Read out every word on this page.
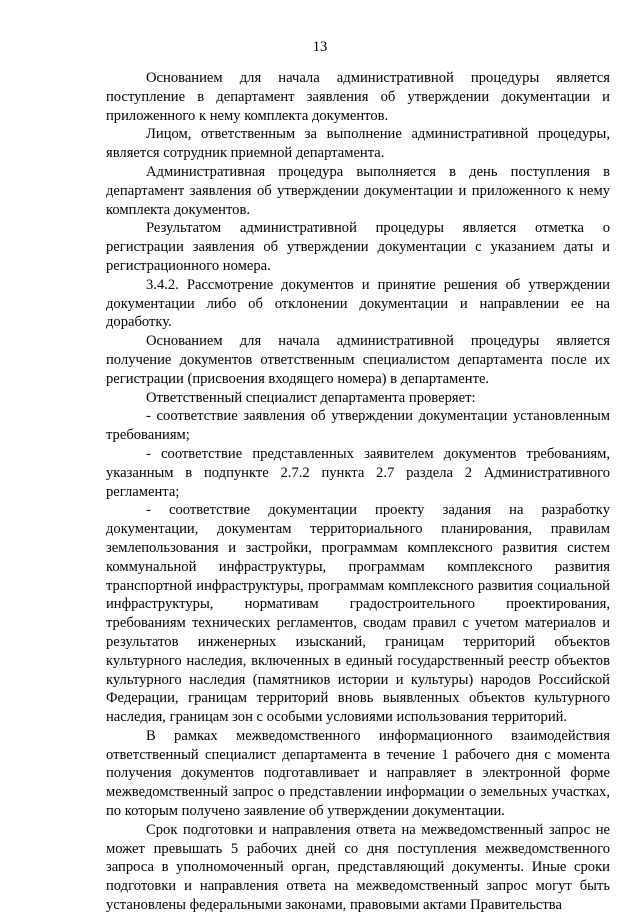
13

Основанием для начала административной процедуры является поступление в департамент заявления об утверждении документации и приложенного к нему комплекта документов.

Лицом, ответственным за выполнение административной процедуры, является сотрудник приемной департамента.

Административная процедура выполняется в день поступления в департамент заявления об утверждении документации и приложенного к нему комплекта документов.

Результатом административной процедуры является отметка о регистрации заявления об утверждении документации с указанием даты и регистрационного номера.

3.4.2. Рассмотрение документов и принятие решения об утверждении документации либо об отклонении документации и направлении ее на доработку.

Основанием для начала административной процедуры является получение документов ответственным специалистом департамента после их регистрации (присвоения входящего номера) в департаменте.

Ответственный специалист департамента проверяет:

- соответствие заявления об утверждении документации установленным требованиям;

- соответствие представленных заявителем документов требованиям, указанным в подпункте 2.7.2 пункта 2.7 раздела 2 Административного регламента;

- соответствие документации проекту задания на разработку документации, документам территориального планирования, правилам землепользования и застройки, программам комплексного развития систем коммунальной инфраструктуры, программам комплексного развития транспортной инфраструктуры, программам комплексного развития социальной инфраструктуры, нормативам градостроительного проектирования, требованиям технических регламентов, сводам правил с учетом материалов и результатов инженерных изысканий, границам территорий объектов культурного наследия, включенных в единый государственный реестр объектов культурного наследия (памятников истории и культуры) народов Российской Федерации, границам территорий вновь выявленных объектов культурного наследия, границам зон с особыми условиями использования территорий.

В рамках межведомственного информационного взаимодействия ответственный специалист департамента в течение 1 рабочего дня с момента получения документов подготавливает и направляет в электронной форме межведомственный запрос о представлении информации о земельных участках, по которым получено заявление об утверждении документации.

Срок подготовки и направления ответа на межведомственный запрос не может превышать 5 рабочих дней со дня поступления межведомственного запроса в уполномоченный орган, представляющий документы. Иные сроки подготовки и направления ответа на межведомственный запрос могут быть установлены федеральными законами, правовыми актами Правительства
